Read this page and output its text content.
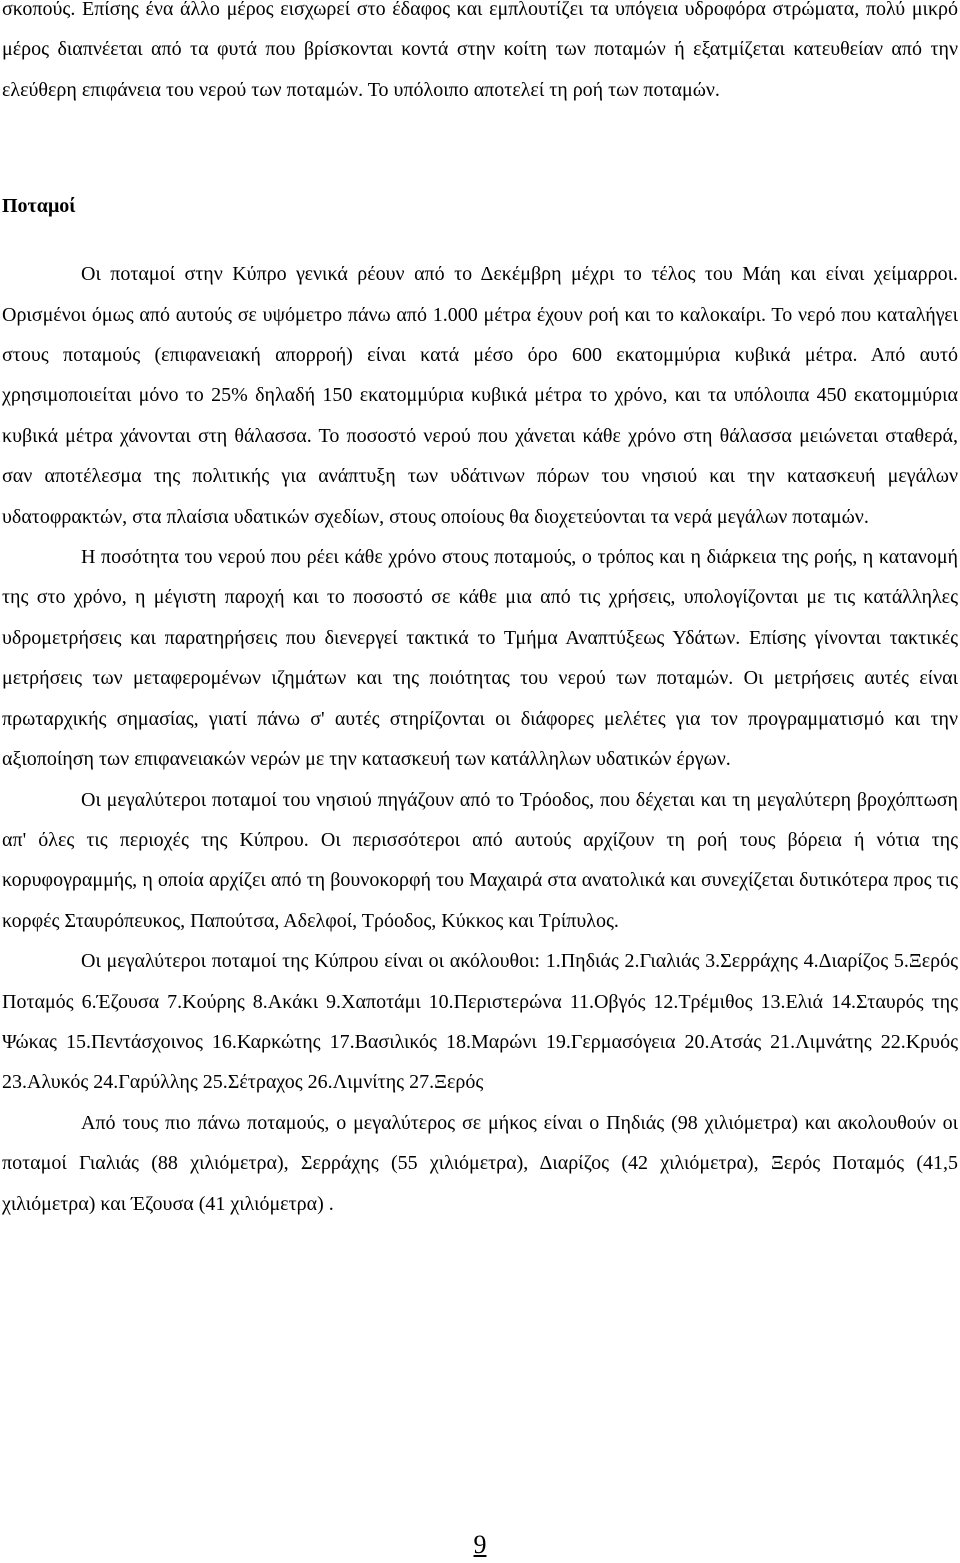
σκοπούς. Επίσης ένα άλλο μέρος εισχωρεί στο έδαφος και εμπλουτίζει τα υπόγεια υδροφόρα στρώματα, πολύ μικρό μέρος διαπνέεται από τα φυτά που βρίσκονται κοντά στην κοίτη των ποταμών ή εξατμίζεται κατευθείαν από την ελεύθερη επιφάνεια του νερού των ποταμών. Το υπόλοιπο αποτελεί τη ροή των ποταμών.

Ποταμοί

Οι ποταμοί στην Κύπρο γενικά ρέουν από το Δεκέμβρη μέχρι το τέλος του Μάη και είναι χείμαρροι. Ορισμένοι όμως από αυτούς σε υψόμετρο πάνω από 1.000 μέτρα έχουν ροή και το καλοκαίρι. Το νερό που καταλήγει στους ποταμούς (επιφανειακή απορροή) είναι κατά μέσο όρο 600 εκατομμύρια κυβικά μέτρα. Από αυτό χρησιμοποιείται μόνο το 25% δηλαδή 150 εκατομμύρια κυβικά μέτρα το χρόνο, και τα υπόλοιπα 450 εκατομμύρια κυβικά μέτρα χάνονται στη θάλασσα. Το ποσοστό νερού που χάνεται κάθε χρόνο στη θάλασσα μειώνεται σταθερά, σαν αποτέλεσμα της πολιτικής για ανάπτυξη των υδάτινων πόρων του νησιού και την κατασκευή μεγάλων υδατοφρακτών, στα πλαίσια υδατικών σχεδίων, στους οποίους θα διοχετεύονται τα νερά μεγάλων ποταμών.

Η ποσότητα του νερού που ρέει κάθε χρόνο στους ποταμούς, ο τρόπος και η διάρκεια της ροής, η κατανομή της στο χρόνο, η μέγιστη παροχή και το ποσοστό σε κάθε μια από τις χρήσεις, υπολογίζονται με τις κατάλληλες υδρομετρήσεις και παρατηρήσεις που διενεργεί τακτικά το Τμήμα Αναπτύξεως Υδάτων. Επίσης γίνονται τακτικές μετρήσεις των μεταφερομένων ιζημάτων και της ποιότητας του νερού των ποταμών. Οι μετρήσεις αυτές είναι πρωταρχικής σημασίας, γιατί πάνω σ' αυτές στηρίζονται οι διάφορες μελέτες για τον προγραμματισμό και την αξιοποίηση των επιφανειακών νερών με την κατασκευή των κατάλληλων υδατικών έργων.

Οι μεγαλύτεροι ποταμοί του νησιού πηγάζουν από το Τρόοδος, που δέχεται και τη μεγαλύτερη βροχόπτωση απ' όλες τις περιοχές της Κύπρου. Οι περισσότεροι από αυτούς αρχίζουν τη ροή τους βόρεια ή νότια της κορυφογραμμής, η οποία αρχίζει από τη βουνοκορφή του Μαχαιρά στα ανατολικά και συνεχίζεται δυτικότερα προς τις κορφές Σταυρόπευκος, Παπούτσα, Αδελφοί, Τρόοδος, Κύκκος και Τρίπυλος.

Οι μεγαλύτεροι ποταμοί της Κύπρου είναι οι ακόλουθοι: 1.Πηδιάς 2.Γιαλιάς 3.Σερράχης 4.Διαρίζος 5.Ξερός Ποταμός 6.Έζουσα 7.Κούρης 8.Ακάκι 9.Χαποτάμι 10.Περιστερώνα 11.Οβγός 12.Τρέμιθος 13.Ελιά 14.Σταυρός της Ψώκας 15.Πεντάσχοινος 16.Καρκώτης 17.Βασιλικός 18.Μαρώνι 19.Γερμασόγεια 20.Ατσάς 21.Λιμνάτης 22.Κρυός 23.Αλυκός 24.Γαρύλλης 25.Σέτραχος 26.Λιμνίτης 27.Ξερός

Από τους πιο πάνω ποταμούς, ο μεγαλύτερος σε μήκος είναι ο Πηδιάς (98 χιλιόμετρα) και ακολουθούν οι ποταμοί Γιαλιάς (88 χιλιόμετρα), Σερράχης (55 χιλιόμετρα), Διαρίζος (42 χιλιόμετρα), Ξερός Ποταμός (41,5 χιλιόμετρα) και Έζουσα (41 χιλιόμετρα) .

9
